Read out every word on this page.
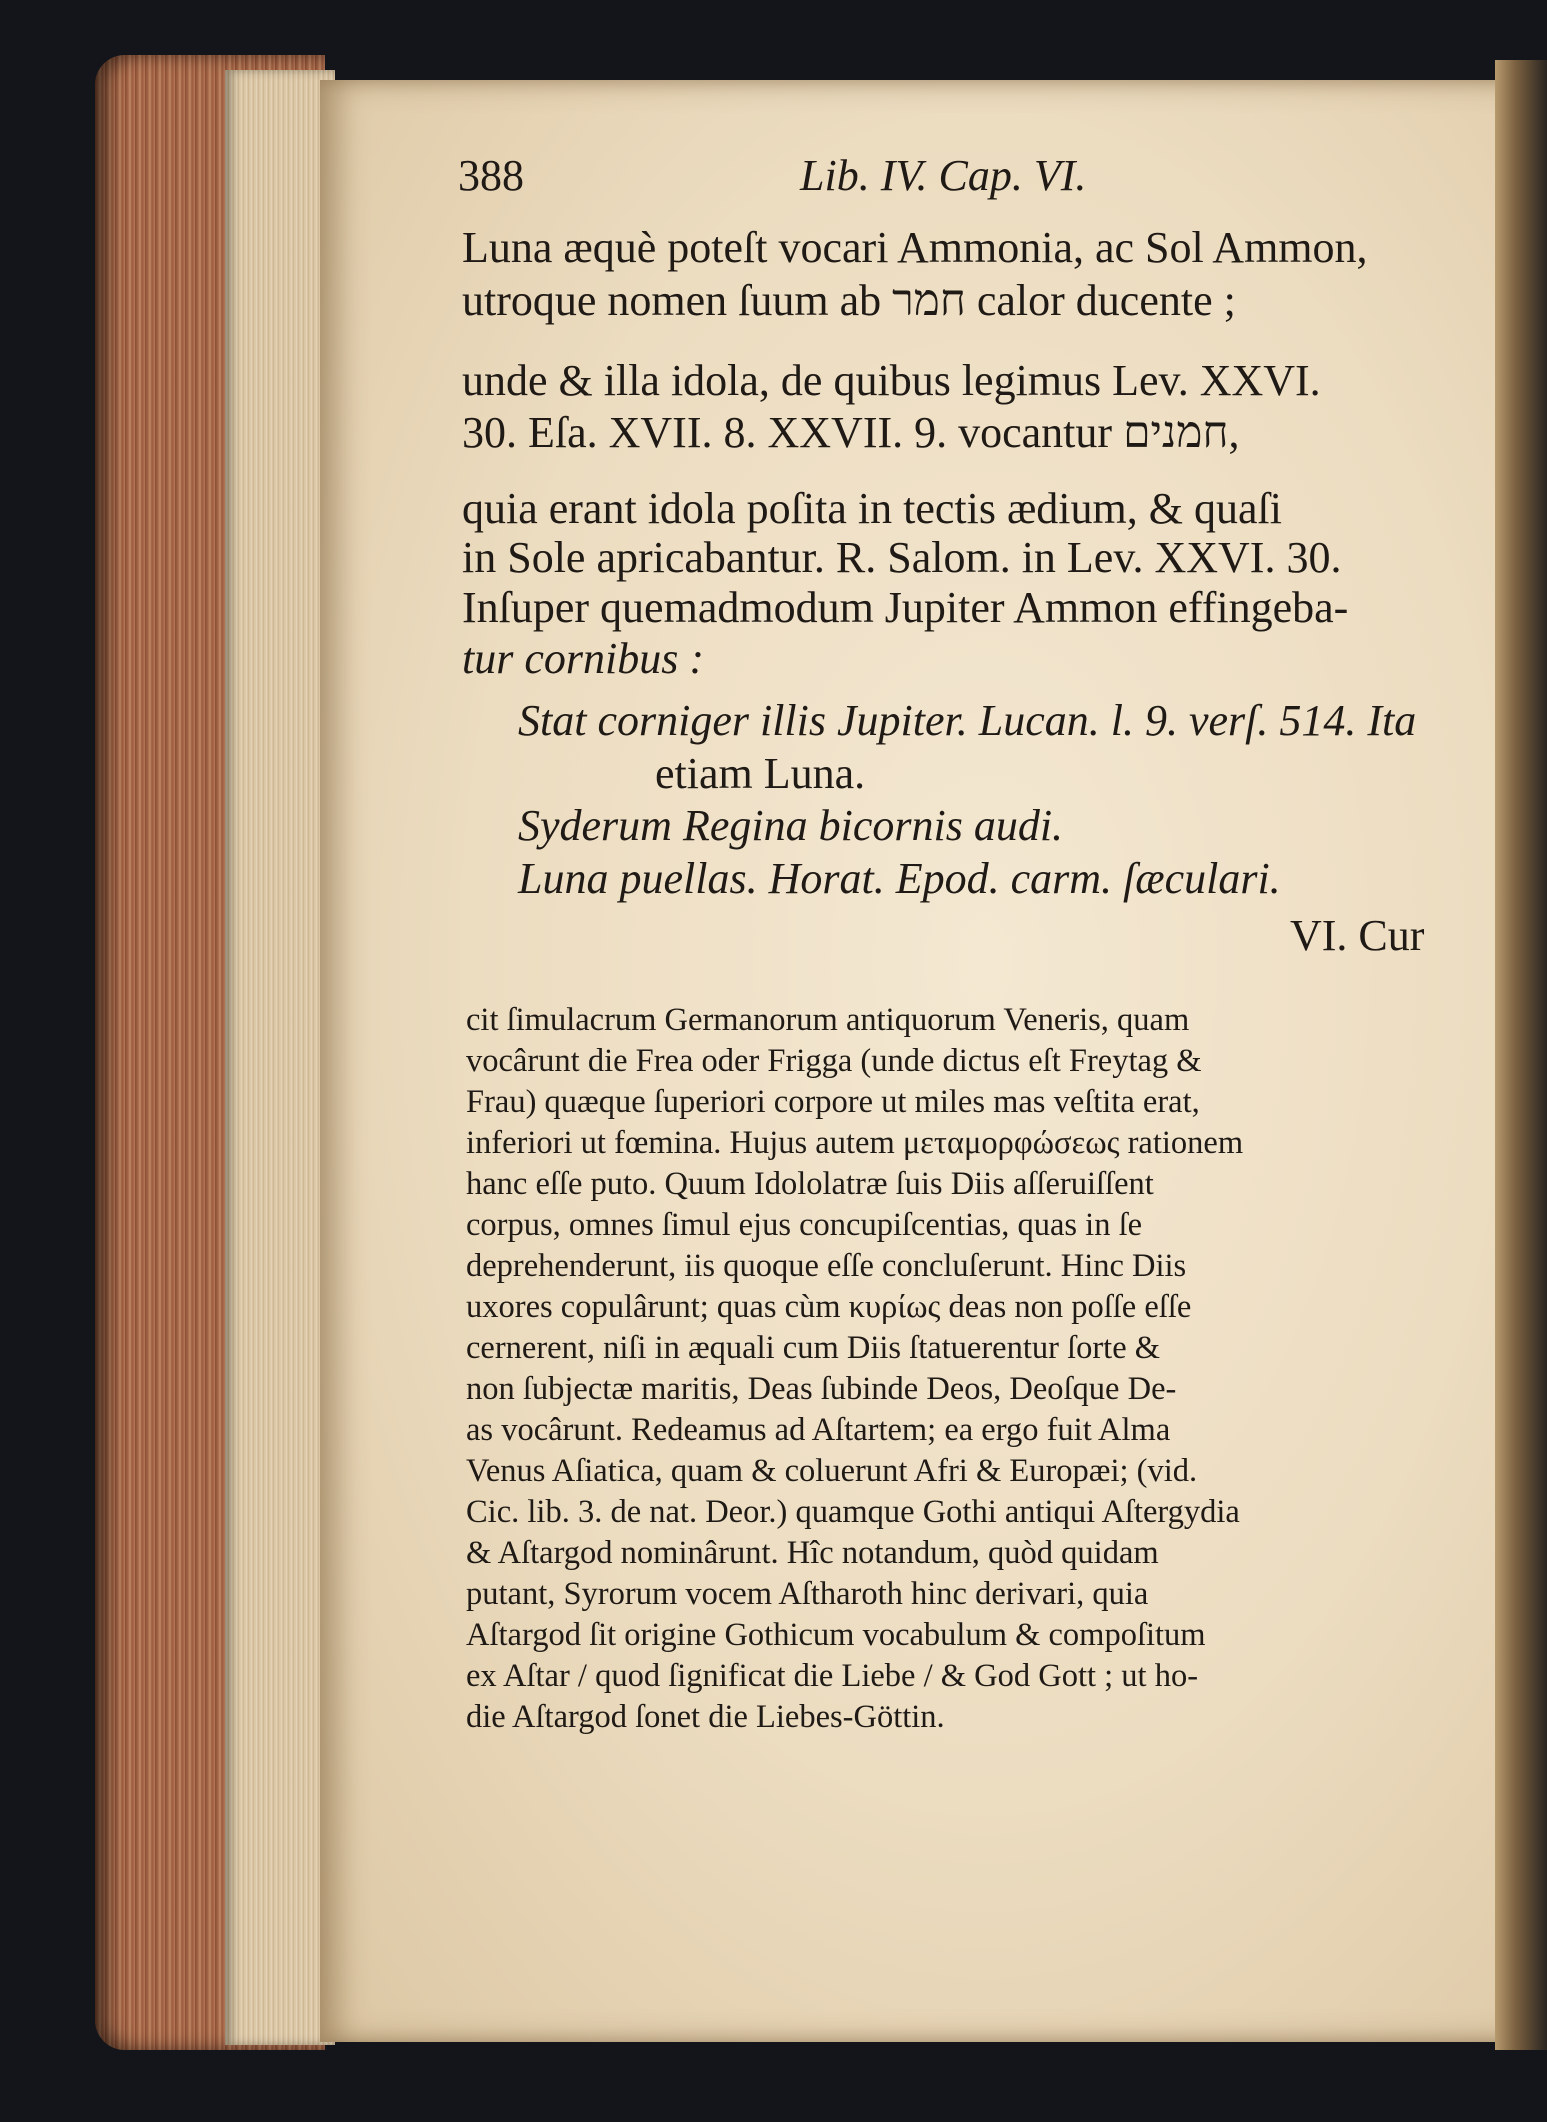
388	Lib. IV. Cap. VI.
Luna æquè poteſt vocari Ammonia, ac Sol Ammon,
utroque nomen ſuum ab חמר calor ducente ;
unde & illa idola, de quibus legimus Lev. XXVI.
30. Eſa. XVII. 8. XXVII. 9. vocantur חמנים,
quia erant idola poſita in tectis ædium, & quaſi
in Sole apricabantur. R. Salom. in Lev. XXVI. 30.
Inſuper quemadmodum Jupiter Ammon effingeba-
tur cornibus :
Stat corniger illis Jupiter. Lucan. l. 9. verſ. 514. Ita
etiam Luna.
Syderum Regina bicornis audi.
Luna puellas. Horat. Epod. carm. ſæculari.
VI. Cur
cit ſimulacrum Germanorum antiquorum Veneris, quam
vocârunt die Frea oder Frigga (unde dictus eſt Freytag &
Frau) quæque ſuperiori corpore ut miles mas veſtita erat,
inferiori ut fœmina. Hujus autem μεταμορφώσεως rationem
hanc eſſe puto. Quum Idololatræ ſuis Diis aſſeruiſſent
corpus, omnes ſimul ejus concupiſcentias, quas in ſe
deprehenderunt, iis quoque eſſe concluſerunt. Hinc Diis
uxores copulârunt; quas cùm κυρίως deas non poſſe eſſe
cernerent, niſi in æquali cum Diis ſtatuerentur ſorte &
non ſubjectæ maritis, Deas ſubinde Deos, Deoſque De-
as vocârunt. Redeamus ad Aſtartem; ea ergo fuit Alma
Venus Aſiatica, quam & coluerunt Afri & Europæi; (vid.
Cic. lib. 3. de nat. Deor.) quamque Gothi antiqui Aſtergydia
& Aſtargod nominârunt. Hîc notandum, quòd quidam
putant, Syrorum vocem Aſtharoth hinc derivari, quia
Aſtargod ſit origine Gothicum vocabulum & compoſitum
ex Aſtar / quod ſignificat die Liebe / & God Gott ; ut ho-
die Aſtargod ſonet die Liebes-Göttin.
